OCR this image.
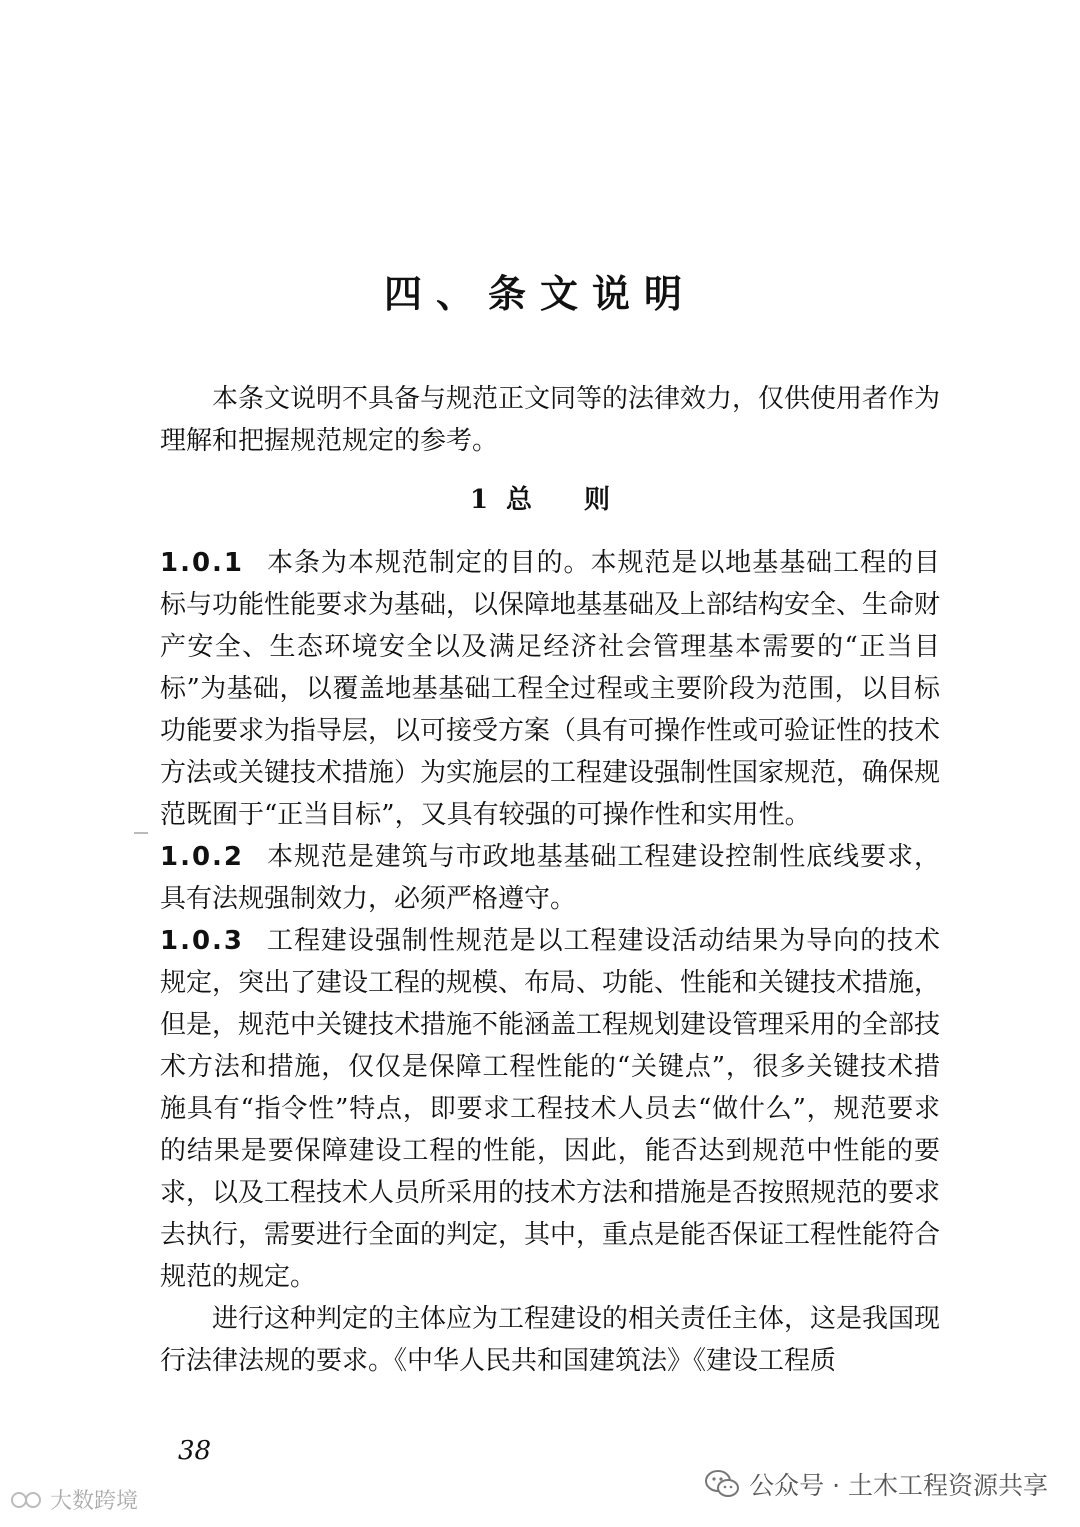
四、条文说明

本条文说明不具备与规范正文同等的法律效力，仅供使用者作为理解和把握规范规定的参考。

1 总 则

1.0.1 本条为本规范制定的目的。本规范是以地基基础工程的目标与功能性能要求为基础，以保障地基基础及上部结构安全、生命财产安全、生态环境安全以及满足经济社会管理基本需要的“正当目标”为基础，以覆盖地基基础工程全过程或主要阶段为范围，以目标功能要求为指导层，以可接受方案（具有可操作性或可验证性的技术方法或关键技术措施）为实施层的工程建设强制性国家规范，确保规范既囿于“正当目标”，又具有较强的可操作性和实用性。

1.0.2 本规范是建筑与市政地基基础工程建设控制性底线要求，具有法规强制效力，必须严格遵守。

1.0.3 工程建设强制性规范是以工程建设活动结果为导向的技术规定，突出了建设工程的规模、布局、功能、性能和关键技术措施，但是，规范中关键技术措施不能涵盖工程规划建设管理采用的全部技术方法和措施，仅仅是保障工程性能的“关键点”，很多关键技术措施具有“指令性”特点，即要求工程技术人员去“做什么”，规范要求的结果是要保障建设工程的性能，因此，能否达到规范中性能的要求，以及工程技术人员所采用的技术方法和措施是否按照规范的要求去执行，需要进行全面的判定，其中，重点是能否保证工程性能符合规范的规定。

进行这种判定的主体应为工程建设的相关责任主体，这是我国现行法律法规的要求。《中华人民共和国建筑法》《建设工程质

38
公众号 · 土木工程资源共享
大数跨境
